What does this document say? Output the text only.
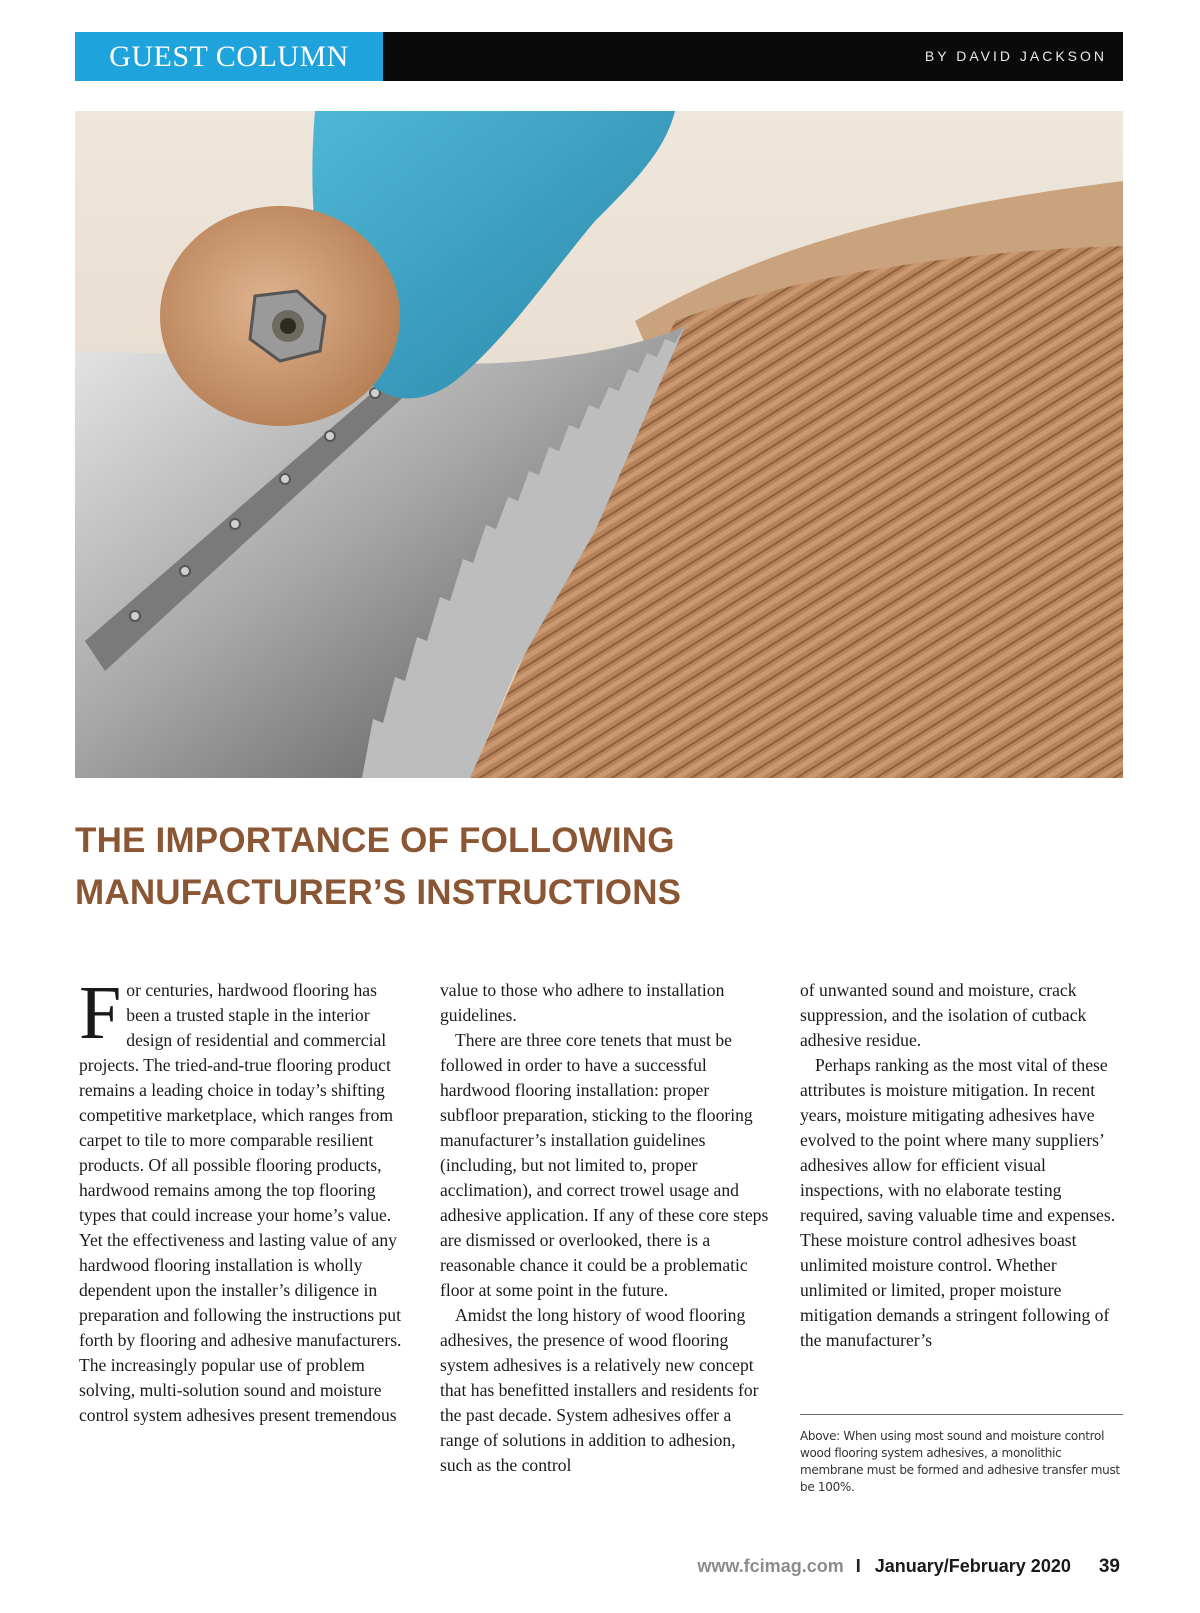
GUEST COLUMN	BY DAVID JACKSON
THE IMPORTANCE OF FOLLOWING
MANUFACTURER’S INSTRUCTIONS

For centuries, hardwood flooring has been a trusted staple in the interior design of residential and commercial projects. The tried-and-true flooring product remains a leading choice in today’s shifting competitive marketplace, which ranges from carpet to tile to more comparable resilient products. Of all possible flooring products, hardwood remains among the top flooring types that could increase your home’s value. Yet the effectiveness and lasting value of any hardwood flooring installation is wholly dependent upon the installer’s diligence in preparation and following the instructions put forth by flooring and adhesive manufacturers. The increasingly popular use of problem solving, multi-solution sound and moisture control system adhesives present tremendous

value to those who adhere to installation guidelines.

There are three core tenets that must be followed in order to have a successful hardwood flooring installation: proper subfloor preparation, sticking to the flooring manufacturer’s installation guidelines (including, but not limited to, proper acclimation), and correct trowel usage and adhesive application. If any of these core steps are dismissed or overlooked, there is a reasonable chance it could be a problematic floor at some point in the future.

Amidst the long history of wood flooring adhesives, the presence of wood flooring system adhesives is a relatively new concept that has benefitted installers and residents for the past decade. System adhesives offer a range of solutions in addition to adhesion, such as the control

of unwanted sound and moisture, crack suppression, and the isolation of cutback adhesive residue.

Perhaps ranking as the most vital of these attributes is moisture mitigation. In recent years, moisture mitigating adhesives have evolved to the point where many suppliers’ adhesives allow for efficient visual inspections, with no elaborate testing required, saving valuable time and expenses. These moisture control adhesives boast unlimited moisture control. Whether unlimited or limited, proper moisture mitigation demands a stringent following of the manufacturer’s

Above: When using most sound and moisture control wood flooring system adhesives, a monolithic membrane must be formed and adhesive transfer must be 100%.

www.fcimag.com I January/February 2020 39
